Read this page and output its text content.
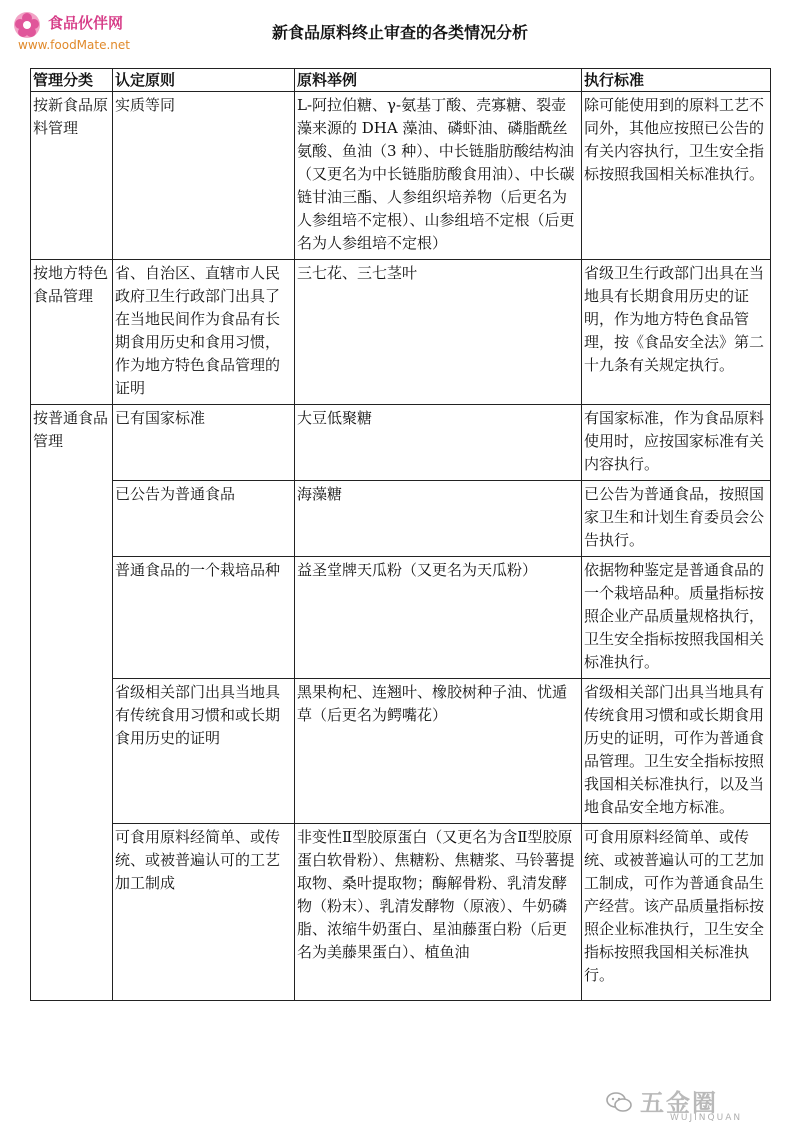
食品伙伴网
www.foodMate.net
新食品原料终止审查的各类情况分析
管理分类	认定原则	原料举例	执行标准
按新食品原料管理	实质等同	L-阿拉伯糖、γ-氨基丁酸、壳寡糖、裂壶藻来源的 DHA 藻油、磷虾油、磷脂酰丝氨酸、鱼油（3 种）、中长链脂肪酸结构油（又更名为中长链脂肪酸食用油）、中长碳链甘油三酯、人参组织培养物（后更名为人参组培不定根）、山参组培不定根（后更名为人参组培不定根）	除可能使用到的原料工艺不同外，其他应按照已公告的有关内容执行，卫生安全指标按照我国相关标准执行。
按地方特色食品管理	省、自治区、直辖市人民政府卫生行政部门出具了在当地民间作为食品有长期食用历史和食用习惯，作为地方特色食品管理的证明	三七花、三七茎叶	省级卫生行政部门出具在当地具有长期食用历史的证明，作为地方特色食品管理，按《食品安全法》第二十九条有关规定执行。
按普通食品管理	已有国家标准	大豆低聚糖	有国家标准，作为食品原料使用时，应按国家标准有关内容执行。
	已公告为普通食品	海藻糖	已公告为普通食品，按照国家卫生和计划生育委员会公告执行。
	普通食品的一个栽培品种	益圣堂牌天瓜粉（又更名为天瓜粉）	依据物种鉴定是普通食品的一个栽培品种。质量指标按照企业产品质量规格执行，卫生安全指标按照我国相关标准执行。
	省级相关部门出具当地具有传统食用习惯和或长期食用历史的证明	黑果枸杞、连翘叶、橡胶树种子油、忧遁草（后更名为鳄嘴花）	省级相关部门出具当地具有传统食用习惯和或长期食用历史的证明，可作为普通食品管理。卫生安全指标按照我国相关标准执行，以及当地食品安全地方标准。

	可食用原料经简单、或传统、或被普遍认可的工艺加工制成	非变性Ⅱ型胶原蛋白（又更名为含Ⅱ型胶原蛋白软骨粉）、焦糖粉、焦糖浆、马铃薯提取物、桑叶提取物；酶解骨粉、乳清发酵物（粉末）、乳清发酵物（原液）、牛奶磷脂、浓缩牛奶蛋白、星油藤蛋白粉（后更名为美藤果蛋白）、植鱼油	可食用原料经简单、或传统、或被普遍认可的工艺加工制成，可作为普通食品生产经营。该产品质量指标按照企业标准执行，卫生安全指标按照我国相关标准执行。
五金圈
WUJINQUAN
